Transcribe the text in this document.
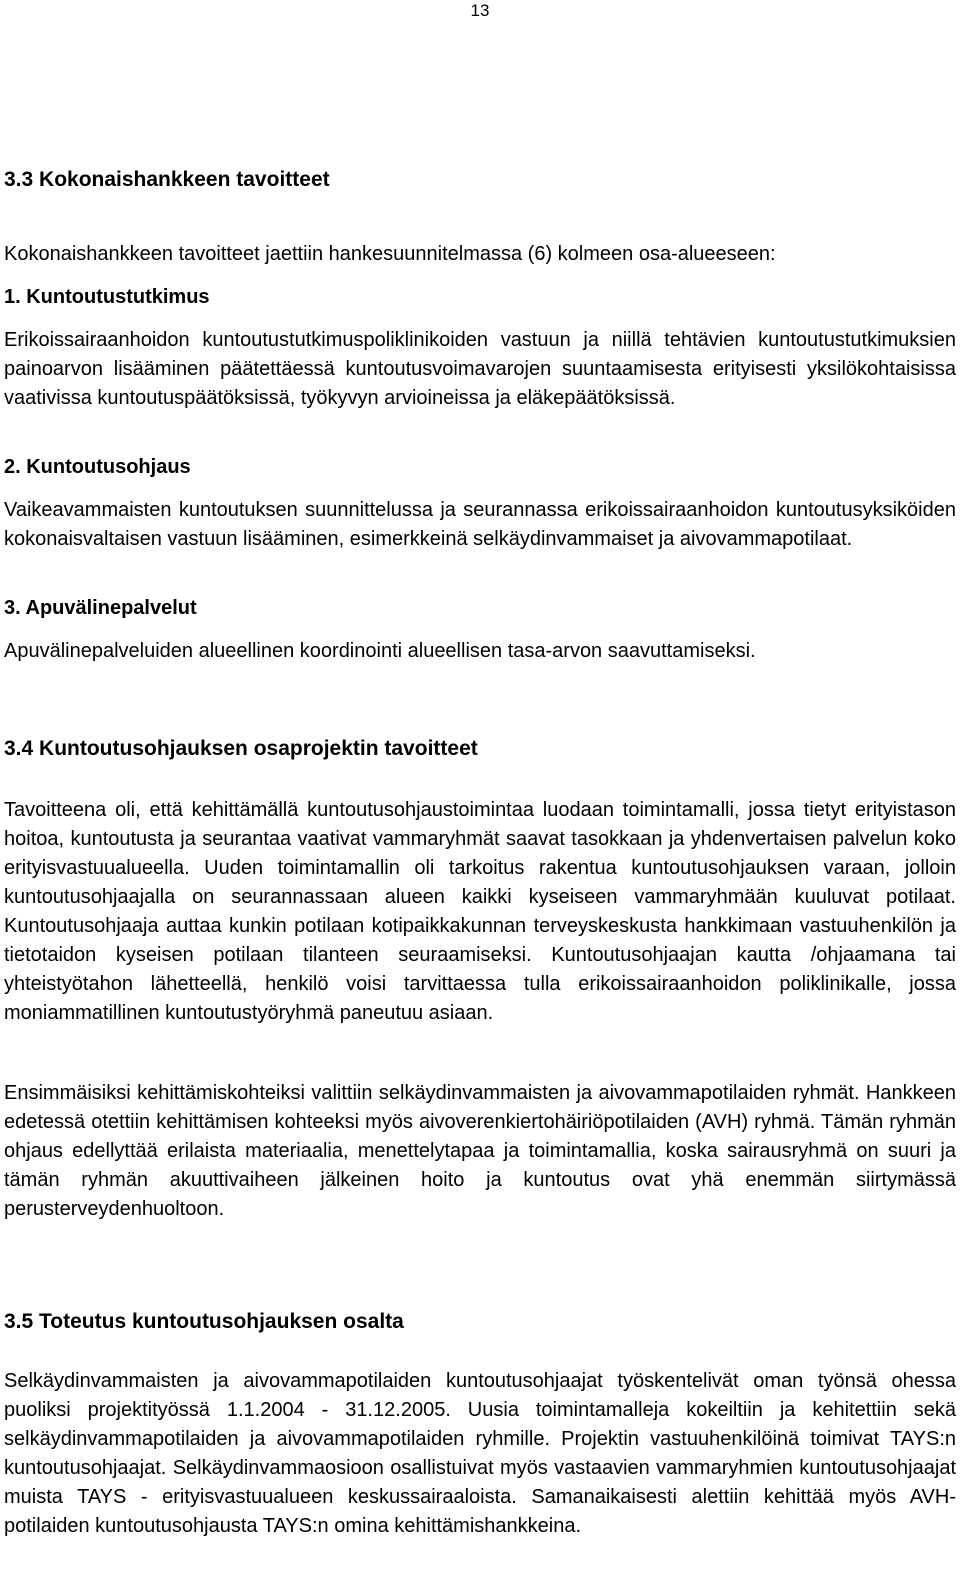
13
3.3 Kokonaishankkeen tavoitteet

Kokonaishankkeen tavoitteet jaettiin hankesuunnitelmassa (6) kolmeen osa-alueeseen:

1. Kuntoutustutkimus

Erikoissairaanhoidon kuntoutustutkimuspoliklinikoiden vastuun ja niillä tehtävien kuntoutustutkimuksien painoarvon lisääminen päätettäessä kuntoutusvoimavarojen suuntaamisesta erityisesti yksilökohtaisissa vaativissa kuntoutuspäätöksissä, työkyvyn arvioineissa ja eläkepäätöksissä.

2. Kuntoutusohjaus

Vaikeavammaisten kuntoutuksen suunnittelussa ja seurannassa erikoissairaanhoidon kuntoutusyksiköiden kokonaisvaltaisen vastuun lisääminen, esimerkkeinä selkäydinvammaiset ja aivovammapotilaat.

3. Apuvälinepalvelut

Apuvälinepalveluiden alueellinen koordinointi alueellisen tasa-arvon saavuttamiseksi.

3.4 Kuntoutusohjauksen osaprojektin tavoitteet

Tavoitteena oli, että kehittämällä kuntoutusohjaustoimintaa luodaan toimintamalli, jossa tietyt erityistason hoitoa, kuntoutusta ja seurantaa vaativat vammaryhmät saavat tasokkaan ja yhdenvertaisen palvelun koko erityisvastuualueella. Uuden toimintamallin oli tarkoitus rakentua kuntoutusohjauksen varaan, jolloin kuntoutusohjaajalla on seurannassaan alueen kaikki kyseiseen vammaryhmään kuuluvat potilaat. Kuntoutusohjaaja auttaa kunkin potilaan kotipaikkakunnan terveyskeskusta hankkimaan vastuuhenkilön ja tietotaidon kyseisen potilaan tilanteen seuraamiseksi. Kuntoutusohjaajan kautta /ohjaamana tai yhteistyötahon lähetteellä, henkilö voisi tarvittaessa tulla erikoissairaanhoidon poliklinikalle, jossa moniammatillinen kuntoutustyöryhmä paneutuu asiaan.

Ensimmäisiksi kehittämiskohteiksi valittiin selkäydinvammaisten ja aivovammapotilaiden ryhmät. Hankkeen edetessä otettiin kehittämisen kohteeksi myös aivoverenkiertohäiriöpotilaiden (AVH) ryhmä. Tämän ryhmän ohjaus edellyttää erilaista materiaalia, menettelytapaa ja toimintamallia, koska sairausryhmä on suuri ja tämän ryhmän akuuttivaiheen jälkeinen hoito ja kuntoutus ovat yhä enemmän siirtymässä perusterveydenhuoltoon.

3.5 Toteutus kuntoutusohjauksen osalta

Selkäydinvammaisten ja aivovammapotilaiden kuntoutusohjaajat työskentelivät oman työnsä ohessa puoliksi projektityössä 1.1.2004 - 31.12.2005. Uusia toimintamalleja kokeiltiin ja kehitettiin sekä selkäydinvammapotilaiden ja aivovammapotilaiden ryhmille. Projektin vastuuhenkilöinä toimivat TAYS:n kuntoutusohjaajat. Selkäydinvammaosioon osallistuivat myös vastaavien vammaryhmien kuntoutusohjaajat muista TAYS - erityisvastuualueen keskussairaaloista. Samanaikaisesti alettiin kehittää myös AVH-potilaiden kuntoutusohjausta TAYS:n omina kehittämishankkeina.
